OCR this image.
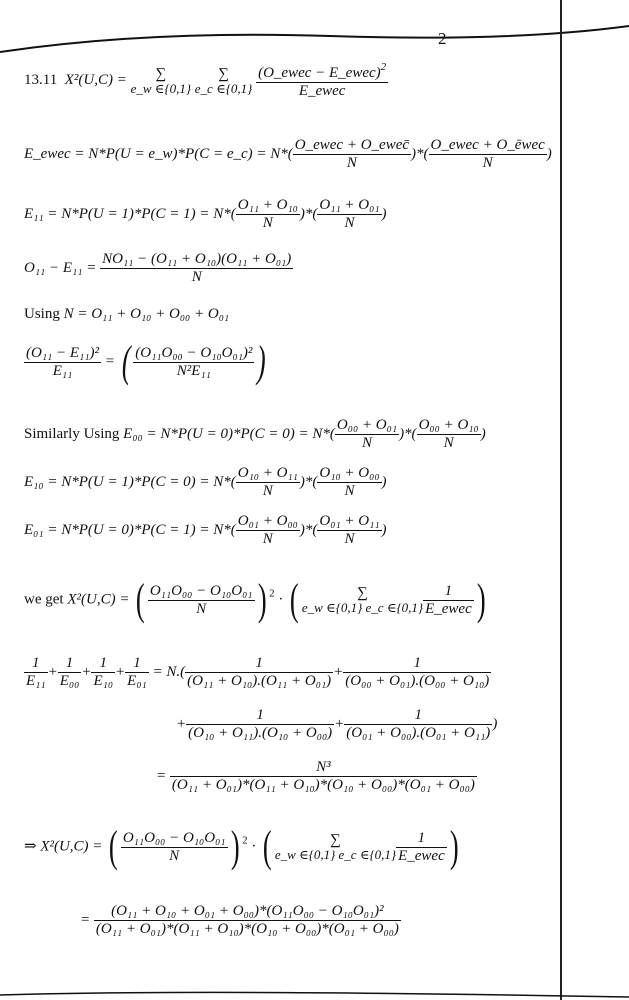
13.11 X²(U,C) =	∑
e_w ∈{0,1}

∑
e_c ∈{0,1}
$\frac{(O\_ewec - E\_ewec)^2}{\text{E\_ewec}}$
2
E_ewec = N*P(U = e_w)*P(C = e_c) = $N*( \frac{\text{O\_ewec + O\_ewec̄}}{N}$ )*( $\frac{\text{O\_ewec + O\_ēwec}}{N}$ )
$E_{11} = N*P(U = 1)*P(C = 1) = N*( \frac{\text{O₁₁ + O₁₀}}{N}$ )*( $\frac{\text{O₁₁ + O₀₁}}{N}$ )
$O_{11} - E_{11} = \frac{\text{NO₁₁ − (O₁₁ + O₁₀)(O₁₁ + O₀₁)}}{N}$
Using N = O₁₁ + O₁₀ + O₀₀ + O₀₁
$\frac{\text{(O₁₁ − E₁₁)²}}{\text{E₁₁}}$ = ( $\frac{\text{(O₁₁O₀₀ − O₁₀O₀₁)²}}{\text{N²E₁₁}}$ )
Similarly Using $E_{00} = N*P(U = 0)*P(C = 0) = N*( \frac{\text{O₀₀ + O₀₁}}{N}$ )*( $\frac{\text{O₀₀ + O₁₀}}{N}$ )
$E_{10} = N*P(U = 1)*P(C = 0) = N*( \frac{\text{O₁₀ + O₁₁}}{N}$ )*( $\frac{\text{O₁₀ + O₀₀}}{N}$ )
$E_{01} = N*P(U = 0)*P(C = 1) = N*( \frac{\text{O₀₁ + O₀₀}}{N}$ )*( $\frac{\text{O₀₁ + O₁₁}}{N}$ )
we get X²(U,C) = ( $\frac{\text{O₁₁O₀₀ − O₁₀O₀₁}}{N}$ ) $^2$ · (	∑
e_w ∈{0,1} e_c ∈{0,1} $\frac{1}{\text{E\_ewec}}$ )
$\frac{1}{\text{E₁₁}} + \frac{1}{\text{E₀₀}} + \frac{1}{\text{E₁₀}} + \frac{1}{\text{E₀₁}} = N.( \frac{1}{\text{(O₁₁ + O₁₀).(O₁₁ + O₀₁)}} + \frac{1}{\text{(O₀₀ + O₀₁).(O₀₀ + O₁₀)}}$
+ $\frac{1}{\text{(O₁₀ + O₁₁).(O₁₀ + O₀₀)}} + \frac{1}{\text{(O₀₁ + O₀₀).(O₀₁ + O₁₁)}}$ )
= $\frac{\text{N³}}{\text{(O₁₁ + O₀₁)*(O₁₁ + O₁₀)*(O₁₀ + O₀₀)*(O₀₁ + O₀₀)}}$
⇒ X²(U,C) = ( $\frac{\text{O₁₁O₀₀ − O₁₀O₀₁}}{N}$ ) $^2$ · (	∑
e_w ∈{0,1} e_c ∈{0,1} $\frac{1}{\text{E\_ewec}}$ )
= $\frac{\text{(O₁₁ + O₁₀ + O₀₁ + O₀₀)*(O₁₁O₀₀ − O₁₀O₀₁)²}}{\text{(O₁₁ + O₀₁)*(O₁₁ + O₁₀)*(O₁₀ + O₀₀)*(O₀₁ + O₀₀)}}$
